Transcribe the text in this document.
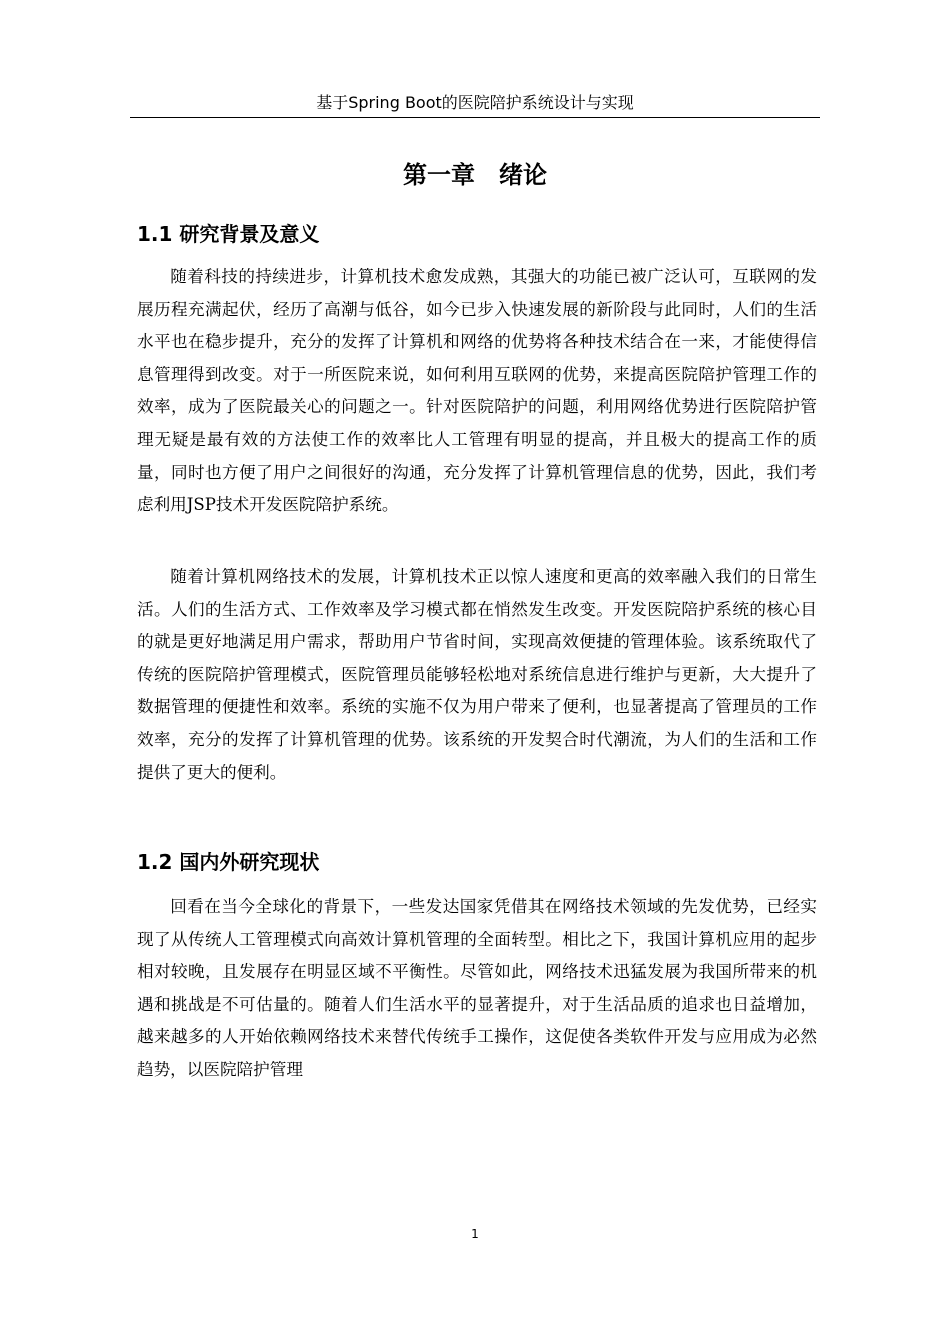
基于Spring Boot的医院陪护系统设计与实现
第一章　绪论
1.1 研究背景及意义
随着科技的持续进步，计算机技术愈发成熟，其强大的功能已被广泛认可，互联网的发展历程充满起伏，经历了高潮与低谷，如今已步入快速发展的新阶段与此同时，人们的生活水平也在稳步提升，充分的发挥了计算机和网络的优势将各种技术结合在一来，才能使得信息管理得到改变。对于一所医院来说，如何利用互联网的优势，来提高医院陪护管理工作的效率，成为了医院最关心的问题之一。针对医院陪护的问题，利用网络优势进行医院陪护管理无疑是最有效的方法使工作的效率比人工管理有明显的提高，并且极大的提高工作的质量，同时也方便了用户之间很好的沟通，充分发挥了计算机管理信息的优势，因此，我们考虑利用JSP技术开发医院陪护系统。
随着计算机网络技术的发展，计算机技术正以惊人速度和更高的效率融入我们的日常生活。人们的生活方式、工作效率及学习模式都在悄然发生改变。开发医院陪护系统的核心目的就是更好地满足用户需求，帮助用户节省时间，实现高效便捷的管理体验。该系统取代了传统的医院陪护管理模式，医院管理员能够轻松地对系统信息进行维护与更新，大大提升了数据管理的便捷性和效率。系统的实施不仅为用户带来了便利，也显著提高了管理员的工作效率，充分的发挥了计算机管理的优势。该系统的开发契合时代潮流，为人们的生活和工作提供了更大的便利。
1.2 国内外研究现状
回看在当今全球化的背景下，一些发达国家凭借其在网络技术领域的先发优势，已经实现了从传统人工管理模式向高效计算机管理的全面转型。相比之下，我国计算机应用的起步相对较晚，且发展存在明显区域不平衡性。尽管如此，网络技术迅猛发展为我国所带来的机遇和挑战是不可估量的。随着人们生活水平的显著提升，对于生活品质的追求也日益增加，越来越多的人开始依赖网络技术来替代传统手工操作，这促使各类软件开发与应用成为必然趋势，以医院陪护管理
1
